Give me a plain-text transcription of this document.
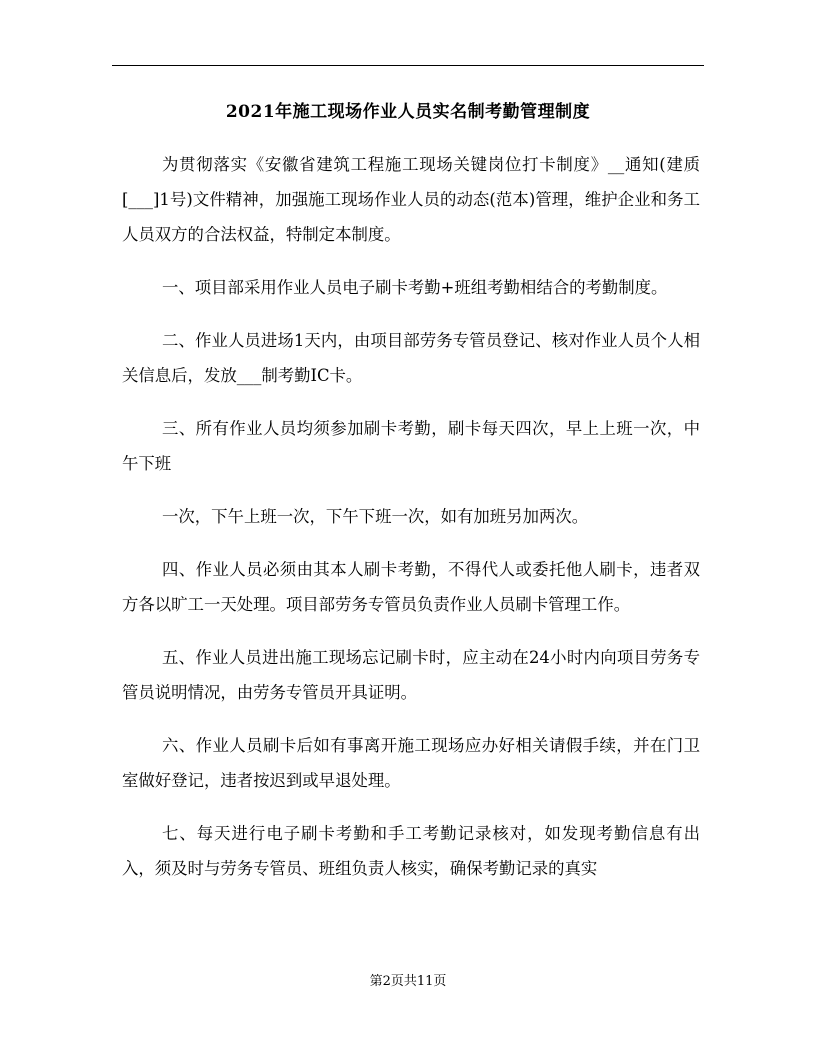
2021年施工现场作业人员实名制考勤管理制度

为贯彻落实《安徽省建筑工程施工现场关键岗位打卡制度》__通知(建质[___]1号)文件精神，加强施工现场作业人员的动态(范本)管理，维护企业和务工人员双方的合法权益，特制定本制度。

一、项目部采用作业人员电子刷卡考勤+班组考勤相结合的考勤制度。

二、作业人员进场1天内，由项目部劳务专管员登记、核对作业人员个人相关信息后，发放___制考勤IC卡。

三、所有作业人员均须参加刷卡考勤，刷卡每天四次，早上上班一次，中午下班

一次，下午上班一次，下午下班一次，如有加班另加两次。

四、作业人员必须由其本人刷卡考勤，不得代人或委托他人刷卡，违者双方各以旷工一天处理。项目部劳务专管员负责作业人员刷卡管理工作。

五、作业人员进出施工现场忘记刷卡时，应主动在24小时内向项目劳务专管员说明情况，由劳务专管员开具证明。

六、作业人员刷卡后如有事离开施工现场应办好相关请假手续，并在门卫室做好登记，违者按迟到或早退处理。

七、每天进行电子刷卡考勤和手工考勤记录核对，如发现考勤信息有出入，须及时与劳务专管员、班组负责人核实，确保考勤记录的真实

第2页共11页
